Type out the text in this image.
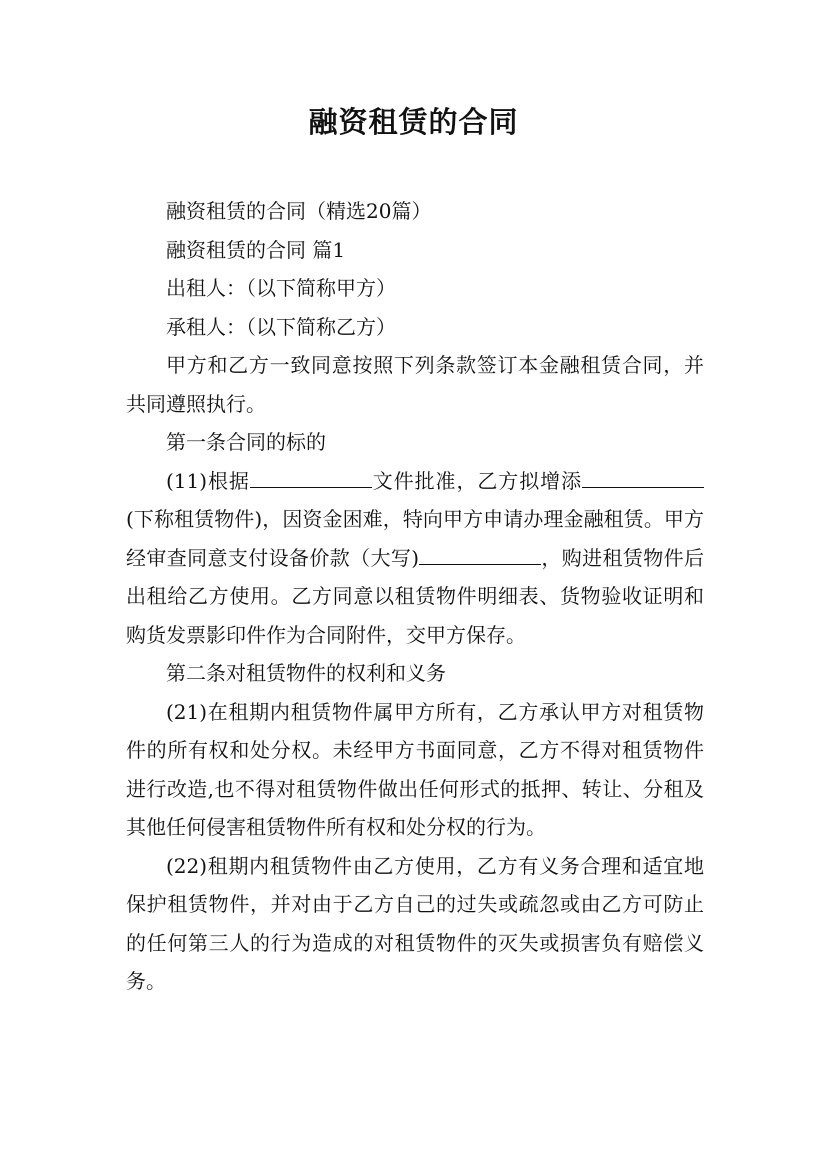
融资租赁的合同

融资租赁的合同（精选20篇）

融资租赁的合同 篇1

出租人：（以下简称甲方）

承租人：（以下简称乙方）

甲方和乙方一致同意按照下列条款签订本金融租赁合同，并共同遵照执行。

第一条合同的标的

(11)根据	文件批准，乙方拟增添(下称租赁物件)，因资金困难，特向甲方申请办理金融租赁。甲方经审查同意支付设备价款（大写)	，购进租赁物件后出租给乙方使用。乙方同意以租赁物件明细表、货物验收证明和购货发票影印件作为合同附件，交甲方保存。

第二条对租赁物件的权利和义务

(21)在租期内租赁物件属甲方所有，乙方承认甲方对租赁物件的所有权和处分权。未经甲方书面同意，乙方不得对租赁物件进行改造,也不得对租赁物件做出任何形式的抵押、转让、分租及其他任何侵害租赁物件所有权和处分权的行为。

(22)租期内租赁物件由乙方使用，乙方有义务合理和适宜地保护租赁物件，并对由于乙方自己的过失或疏忽或由乙方可防止的任何第三人的行为造成的对租赁物件的灭失或损害负有赔偿义务。
